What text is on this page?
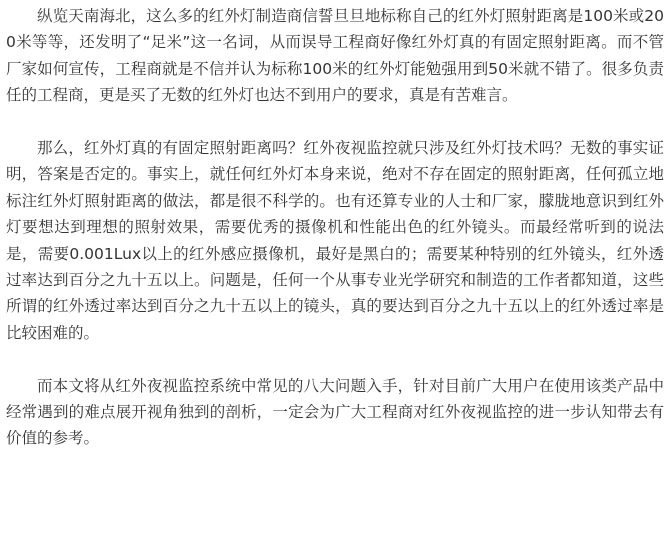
纵览天南海北，这么多的红外灯制造商信誓旦旦地标称自己的红外灯照射距离是100米或200米等等，还发明了“足米”这一名词，从而误导工程商好像红外灯真的有固定照射距离。而不管厂家如何宣传，工程商就是不信并认为标称100米的红外灯能勉强用到50米就不错了。很多负责任的工程商，更是买了无数的红外灯也达不到用户的要求，真是有苦难言。

那么，红外灯真的有固定照射距离吗？红外夜视监控就只涉及红外灯技术吗？无数的事实证明，答案是否定的。事实上，就任何红外灯本身来说，绝对不存在固定的照射距离，任何孤立地标注红外灯照射距离的做法，都是很不科学的。也有还算专业的人士和厂家，朦胧地意识到红外灯要想达到理想的照射效果，需要优秀的摄像机和性能出色的红外镜头。而最经常听到的说法是，需要0.001Lux以上的红外感应摄像机，最好是黑白的；需要某种特别的红外镜头，红外透过率达到百分之九十五以上。问题是，任何一个从事专业光学研究和制造的工作者都知道，这些所谓的红外透过率达到百分之九十五以上的镜头，真的要达到百分之九十五以上的红外透过率是比较困难的。

而本文将从红外夜视监控系统中常见的八大问题入手，针对目前广大用户在使用该类产品中经常遇到的难点展开视角独到的剖析，一定会为广大工程商对红外夜视监控的进一步认知带去有价值的参考。
